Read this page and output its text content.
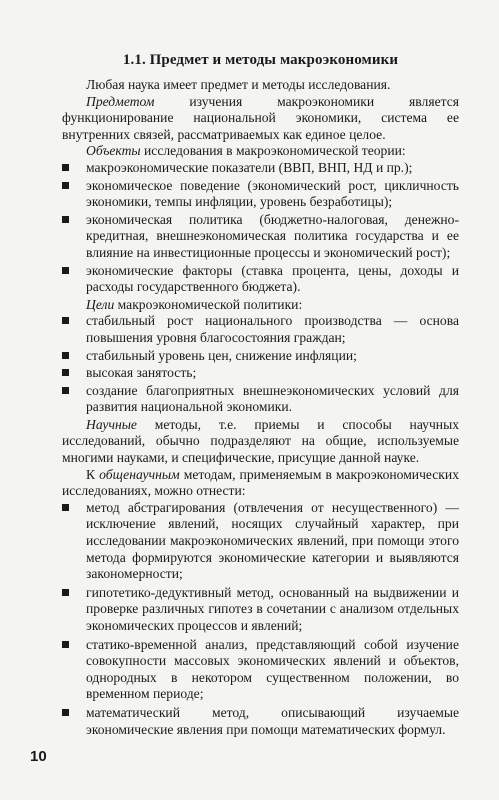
1.1. Предмет и методы макроэкономики

Любая наука имеет предмет и методы исследования.

Предметом изучения макроэкономики является функционирование национальной экономики, система ее внутренних связей, рассматриваемых как единое целое.

Объекты исследования в макроэкономической теории:

макроэкономические показатели (ВВП, ВНП, НД и пр.);
экономическое поведение (экономический рост, цикличность экономики, темпы инфляции, уровень безработицы);
экономическая политика (бюджетно-налоговая, денежно-кредитная, внешнеэкономическая политика государства и ее влияние на инвестиционные процессы и экономический рост);
экономические факторы (ставка процента, цены, доходы и расходы государственного бюджета).

Цели макроэкономической политики:

стабильный рост национального производства — основа повышения уровня благосостояния граждан;
стабильный уровень цен, снижение инфляции;
высокая занятость;
создание благоприятных внешнеэкономических условий для развития национальной экономики.

Научные методы, т.е. приемы и способы научных исследований, обычно подразделяют на общие, используемые многими науками, и специфические, присущие данной науке.

К общенаучным методам, применяемым в макроэкономических исследованиях, можно отнести:

метод абстрагирования (отвлечения от несущественного) — исключение явлений, носящих случайный характер, при исследовании макроэкономических явлений, при помощи этого метода формируются экономические категории и выявляются закономерности;
гипотетико-дедуктивный метод, основанный на выдвижении и проверке различных гипотез в сочетании с анализом отдельных экономических процессов и явлений;
статико-временной анализ, представляющий собой изучение совокупности массовых экономических явлений и объектов, однородных в некотором существенном положении, во временном периоде;
математический метод, описывающий изучаемые экономические явления при помощи математических формул.
10
